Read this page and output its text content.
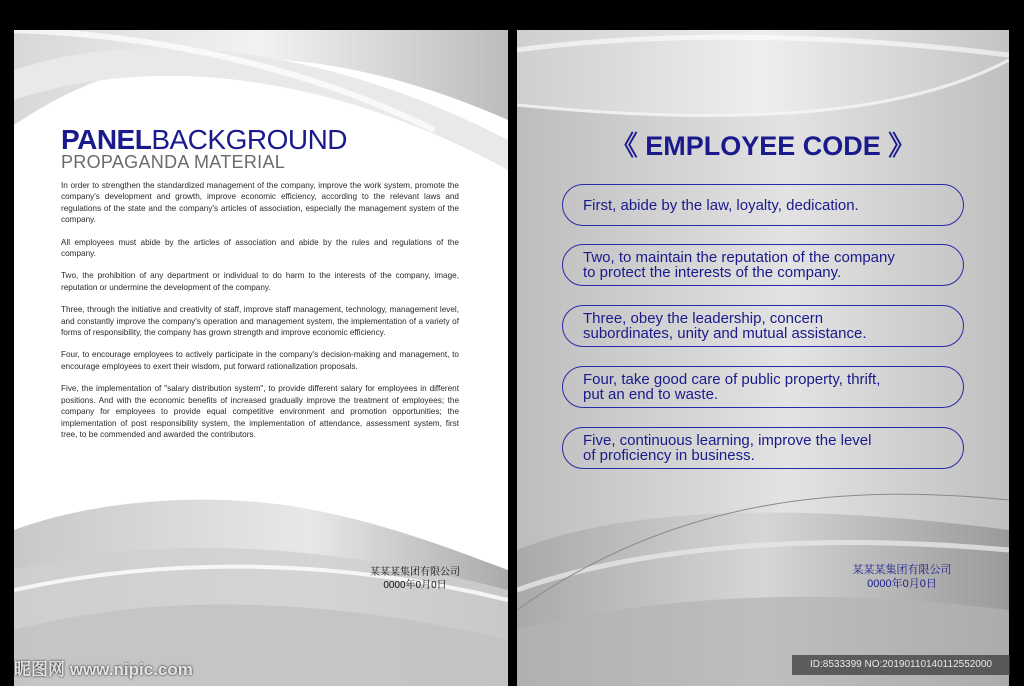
PANELBACKGROUND
PROPAGANDA MATERIAL

In order to strengthen the standardized management of the company, improve the work system, promote the company's development and growth, improve economic efficiency, according to the relevant laws and regulations of the state and the company's articles of association, especially the management system of the company.

All employees must abide by the articles of association and abide by the rules and regulations of the company.

Two, the prohibition of any department or individual to do harm to the interests of the company, image, reputation or undermine the development of the company.

Three, through the initiative and creativity of staff, improve staff management, technology, management level, and constantly improve the company's operation and management system, the implementation of a variety of forms of responsibility, the company has grown strength and improve economic efficiency.

Four, to encourage employees to actively participate in the company's decision-making and management, to encourage employees to exert their wisdom, put forward rationalization proposals.

Five, the implementation of "salary distribution system", to provide different salary for employees in different positions. And with the economic benefits of increased gradually improve the treatment of employees; the company for employees to provide equal competitive environment and promotion opportunities; the implementation of post responsibility system, the implementation of attendance, assessment system, first tree, to be commended and awarded the contributors.

某某某集团有限公司
0000年0月0日
《 EMPLOYEE CODE 》
First, abide by the law, loyalty, dedication.
Two, to maintain the reputation of the company
to protect the interests of the company.
Three, obey the leadership, concern
subordinates, unity and mutual assistance.
Four, take good care of public property, thrift,
put an end to waste.
Five, continuous learning, improve the level
of proficiency in business.
某某某集团有限公司
0000年0月0日
昵图网 www.nipic.com	ID:8533399 NO:20190110140112552000
